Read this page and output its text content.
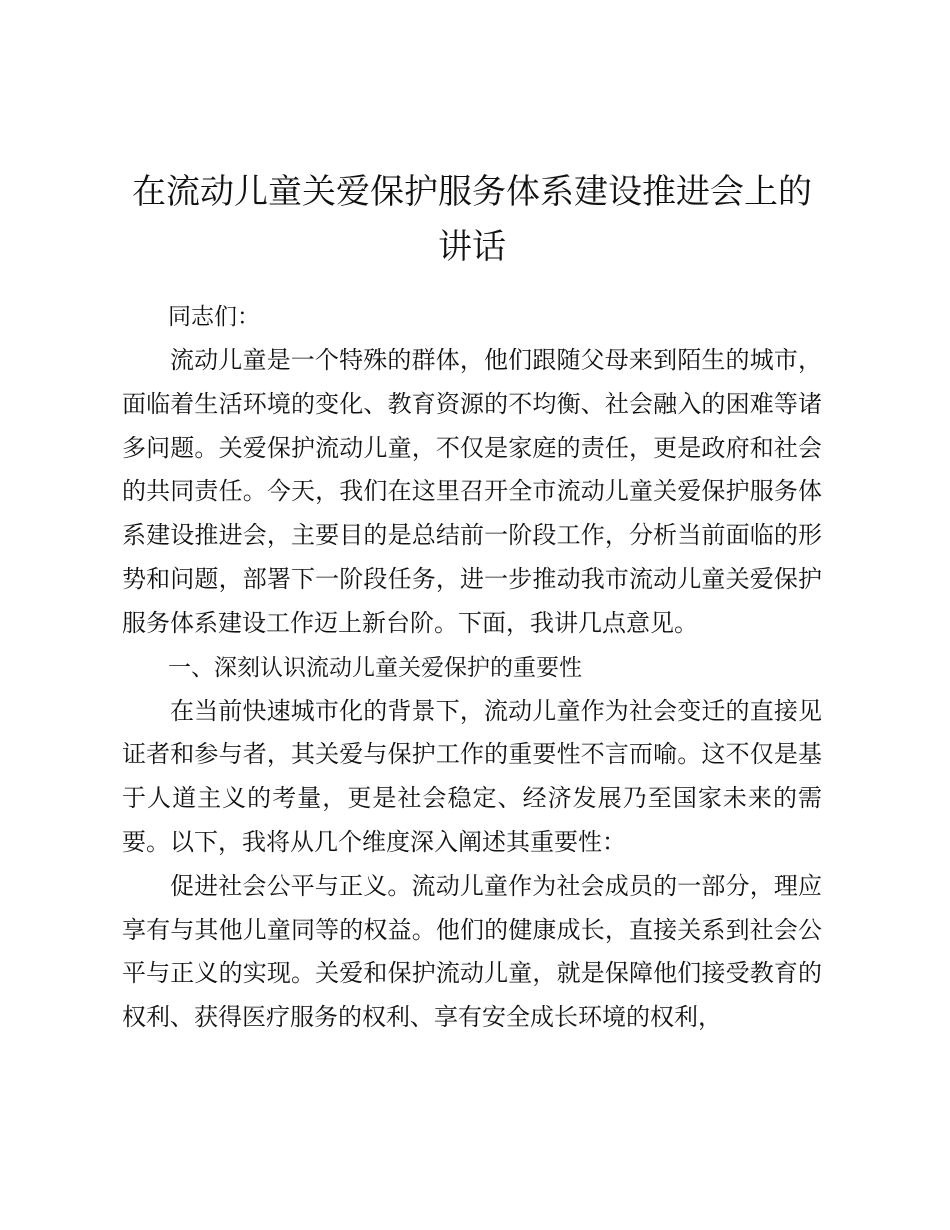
在流动儿童关爱保护服务体系建设推进会上的讲话

同志们：

流动儿童是一个特殊的群体，他们跟随父母来到陌生的城市，面临着生活环境的变化、教育资源的不均衡、社会融入的困难等诸多问题。关爱保护流动儿童，不仅是家庭的责任，更是政府和社会的共同责任。今天，我们在这里召开全市流动儿童关爱保护服务体系建设推进会，主要目的是总结前一阶段工作，分析当前面临的形势和问题，部署下一阶段任务，进一步推动我市流动儿童关爱保护服务体系建设工作迈上新台阶。下面，我讲几点意见。

一、深刻认识流动儿童关爱保护的重要性

在当前快速城市化的背景下，流动儿童作为社会变迁的直接见证者和参与者，其关爱与保护工作的重要性不言而喻。这不仅是基于人道主义的考量，更是社会稳定、经济发展乃至国家未来的需要。以下，我将从几个维度深入阐述其重要性：

促进社会公平与正义。流动儿童作为社会成员的一部分，理应享有与其他儿童同等的权益。他们的健康成长，直接关系到社会公平与正义的实现。关爱和保护流动儿童，就是保障他们接受教育的权利、获得医疗服务的权利、享有安全成长环境的权利，
